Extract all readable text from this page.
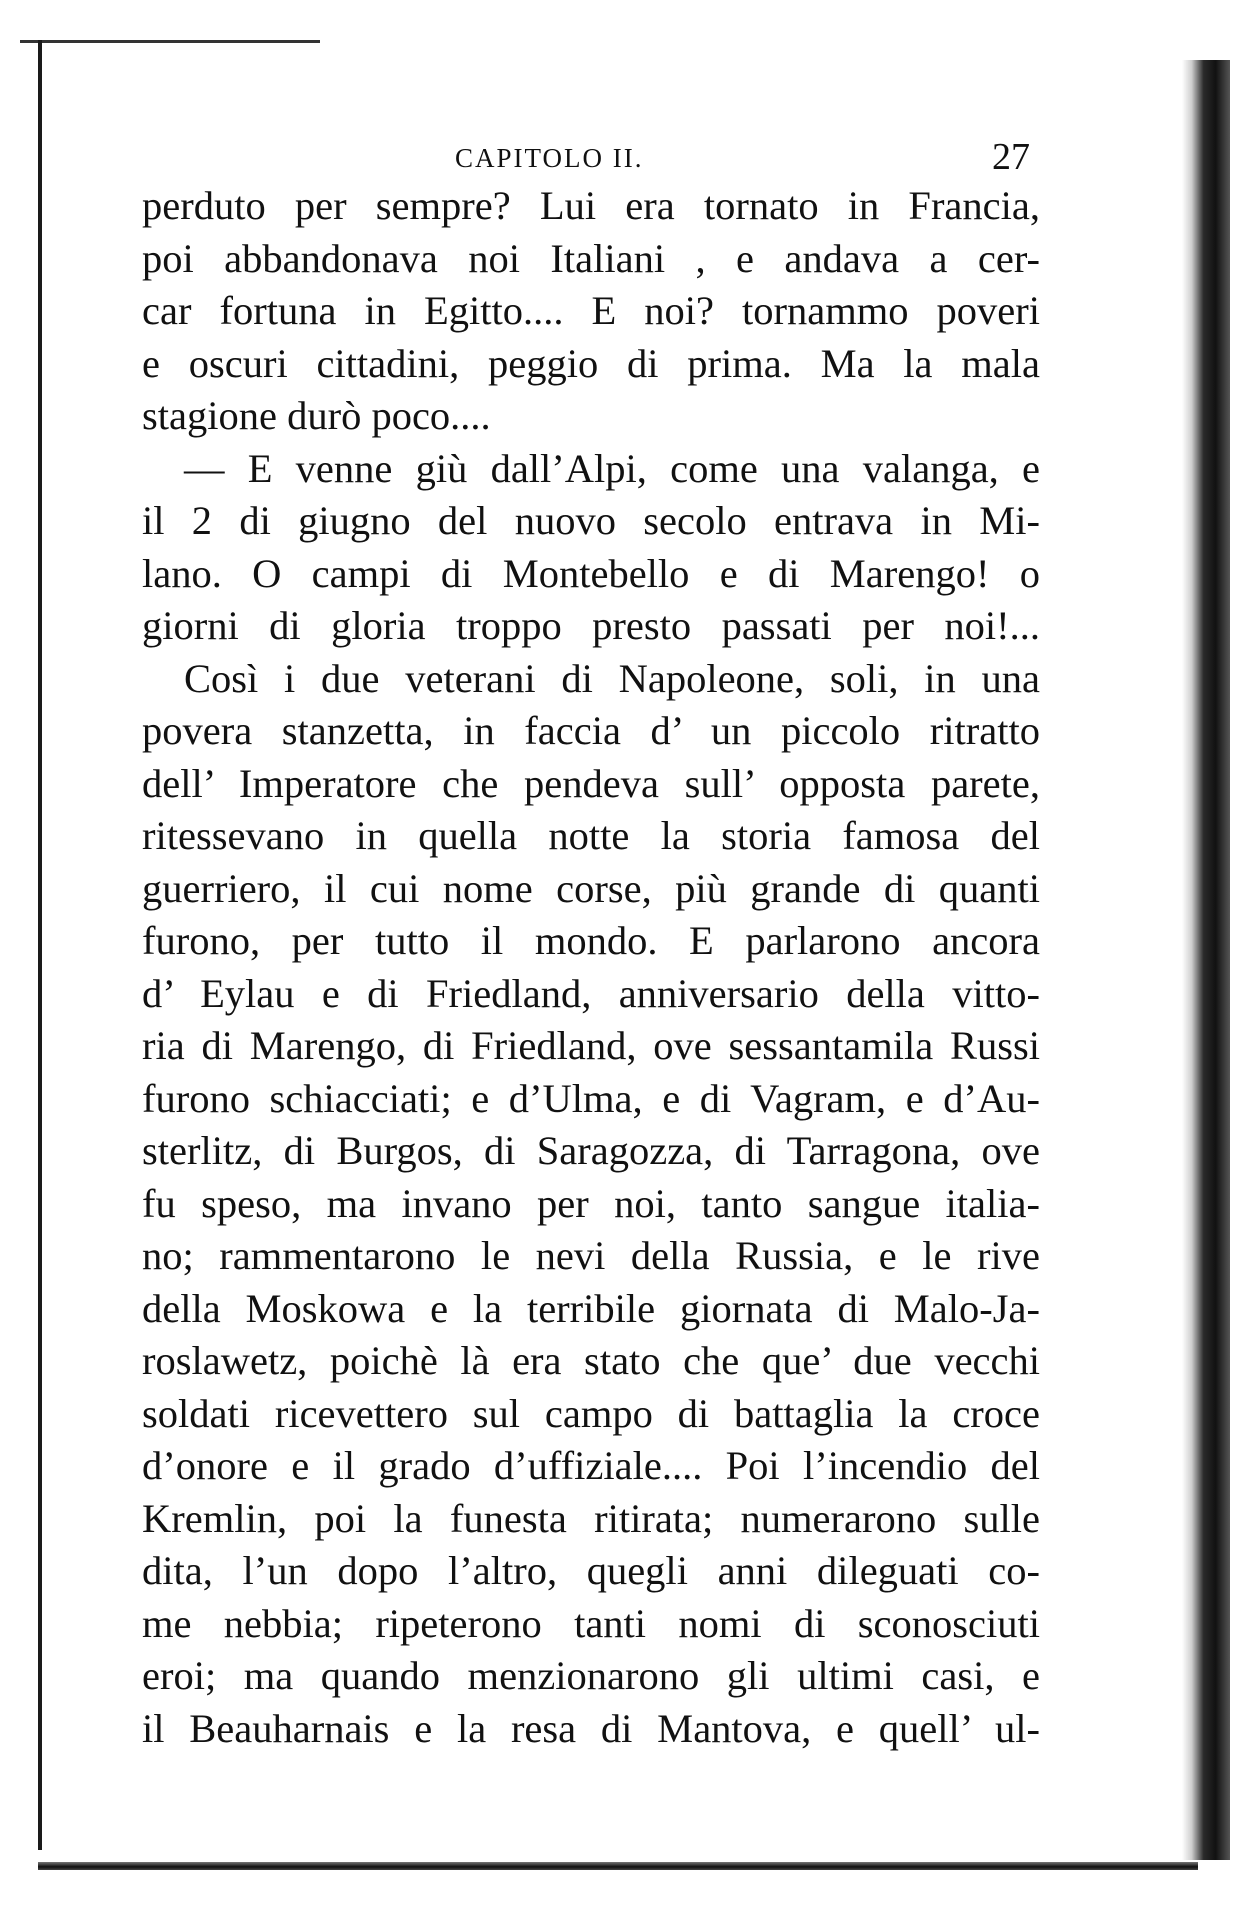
CAPITOLO II.	27
perduto per sempre? Lui era tornato in Francia,
poi abbandonava noi Italiani , e andava a cer-
car fortuna in Egitto.... E noi? tornammo poveri
e oscuri cittadini, peggio di prima. Ma la mala
stagione durò poco....
— E venne giù dall’Alpi, come una valanga, e
il 2 di giugno del nuovo secolo entrava in Mi-
lano. O campi di Montebello e di Marengo! o
giorni di gloria troppo presto passati per noi!...
Così i due veterani di Napoleone, soli, in una
povera stanzetta, in faccia d’ un piccolo ritratto
dell’ Imperatore che pendeva sull’ opposta parete,
ritessevano in quella notte la storia famosa del
guerriero, il cui nome corse, più grande di quanti
furono, per tutto il mondo. E parlarono ancora
d’ Eylau e di Friedland, anniversario della vitto-
ria di Marengo, di Friedland, ove sessantamila Russi
furono schiacciati; e d’Ulma, e di Vagram, e d’Au-
sterlitz, di Burgos, di Saragozza, di Tarragona, ove
fu speso, ma invano per noi, tanto sangue italia-
no; rammentarono le nevi della Russia, e le rive
della Moskowa e la terribile giornata di Malo-Ja-
roslawetz, poichè là era stato che que’ due vecchi
soldati ricevettero sul campo di battaglia la croce
d’onore e il grado d’uffiziale.... Poi l’incendio del
Kremlin, poi la funesta ritirata; numerarono sulle
dita, l’un dopo l’altro, quegli anni dileguati co-
me nebbia; ripeterono tanti nomi di sconosciuti
eroi; ma quando menzionarono gli ultimi casi, e
il Beauharnais e la resa di Mantova, e quell’ ul-
